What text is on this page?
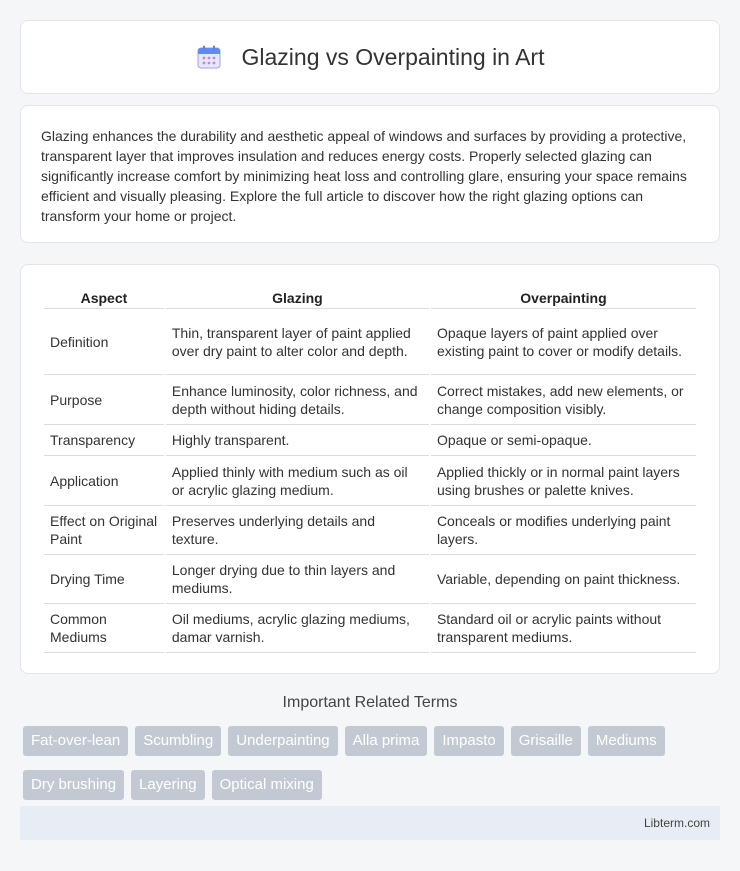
Glazing vs Overpainting in Art

Glazing enhances the durability and aesthetic appeal of windows and surfaces by providing a protective, transparent layer that improves insulation and reduces energy costs. Properly selected glazing can significantly increase comfort by minimizing heat loss and controlling glare, ensuring your space remains efficient and visually pleasing. Explore the full article to discover how the right glazing options can transform your home or project.

Aspect	Glazing	Overpainting
Definition	Thin, transparent layer of paint applied over dry paint to alter color and depth.	Opaque layers of paint applied over existing paint to cover or modify details.
Purpose	Enhance luminosity, color richness, and depth without hiding details.	Correct mistakes, add new elements, or change composition visibly.
Transparency	Highly transparent.	Opaque or semi-opaque.
Application	Applied thinly with medium such as oil or acrylic glazing medium.	Applied thickly or in normal paint layers using brushes or palette knives.
Effect on Original Paint	Preserves underlying details and texture.	Conceals or modifies underlying paint layers.
Drying Time	Longer drying due to thin layers and mediums.	Variable, depending on paint thickness.
Common Mediums	Oil mediums, acrylic glazing mediums, damar varnish.	Standard oil or acrylic paints without transparent mediums.
Important Related Terms
Fat-over-lean	Scumbling	Underpainting	Alla prima	Impasto	Grisaille	Mediums
Dry brushing	Layering	Optical mixing
Libterm.com
